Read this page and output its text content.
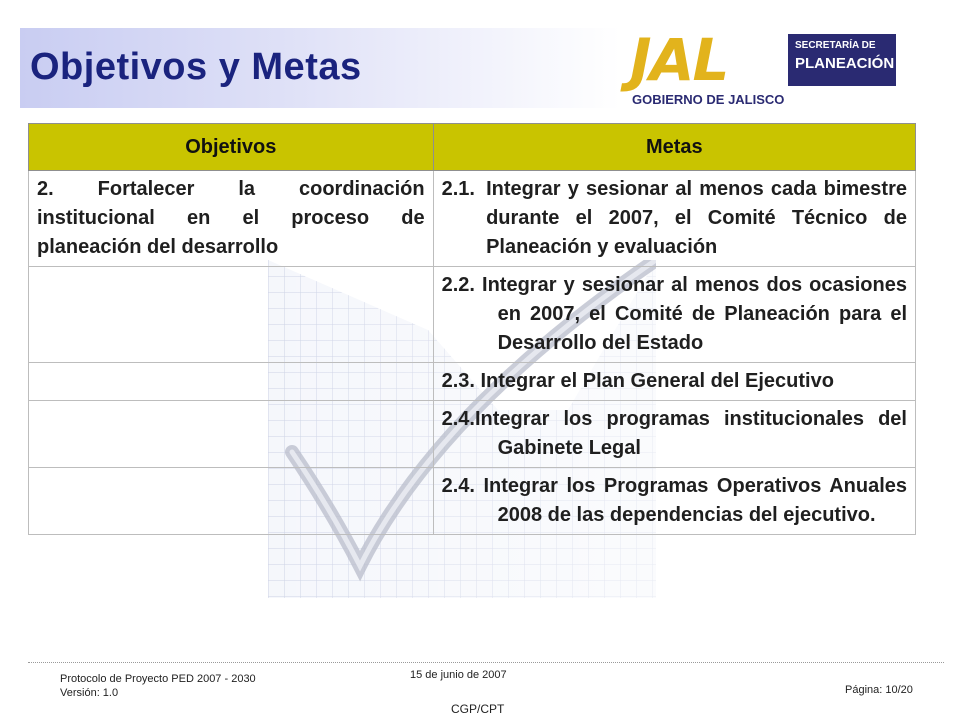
Objetivos y Metas	JAL	SECRETARÍA DE
PLANEACIÓN
GOBIERNO DE JALISCO
Objetivos	Metas
2. Fortalecer la coordinación institucional en el proceso de planeación del desarrollo	2.1. Integrar y sesionar al menos cada bimestre durante el 2007, el Comité Técnico de Planeación y evaluación

	2.2. Integrar y sesionar al menos dos ocasiones en 2007, el Comité de Planeación para el Desarrollo del Estado

	2.3. Integrar el Plan General del Ejecutivo

	2.4.Integrar los programas institucionales del Gabinete Legal

	2.4. Integrar los Programas Operativos Anuales 2008 de las dependencias del ejecutivo.
Protocolo de Proyecto PED 2007 - 2030
Versión: 1.0
15 de junio de 2007
Página: 10/20
CGP/CPT
